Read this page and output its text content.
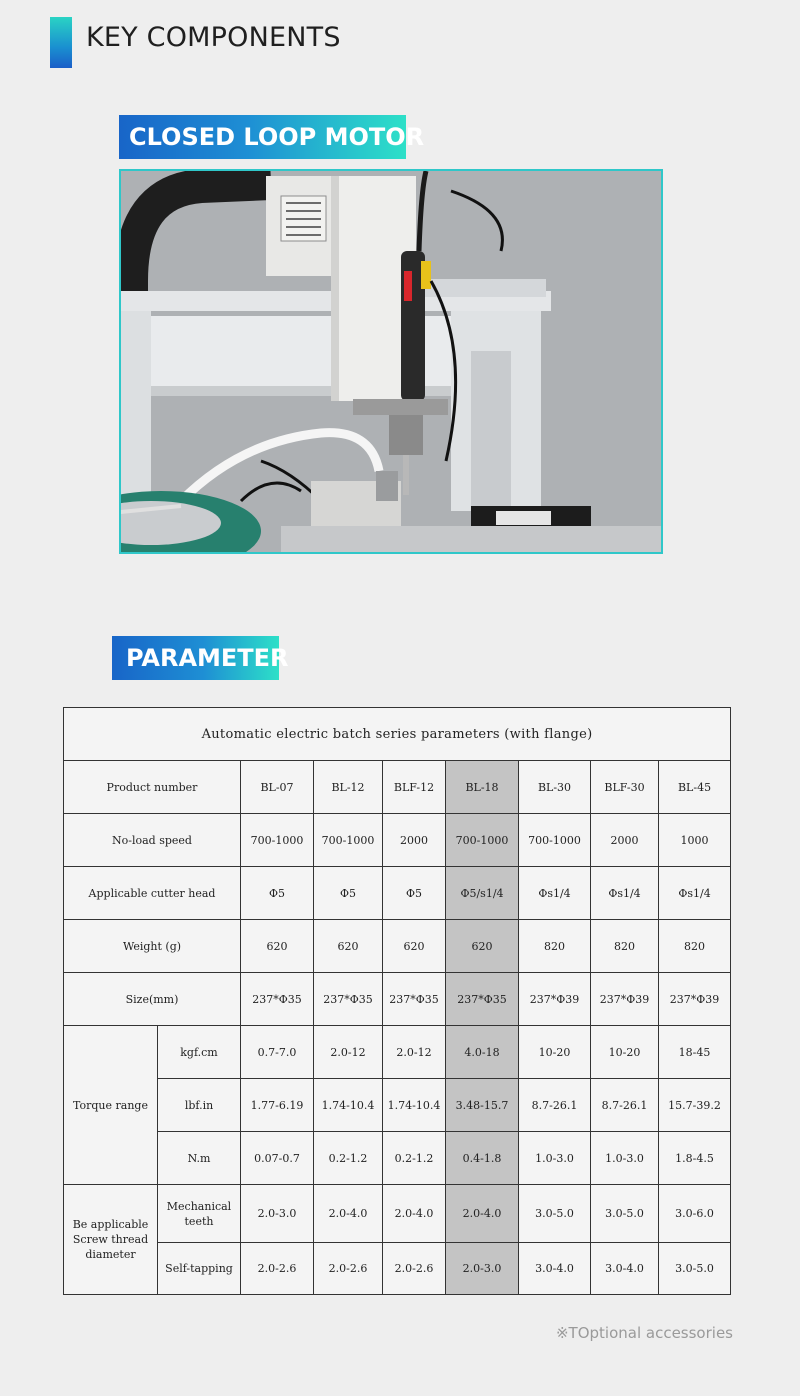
KEY COMPONENTS
CLOSED LOOP MOTOR
PARAMETER
Automatic electric batch series parameters (with flange)								
Product number		BL-07	BL-12	BLF-12	BL-18	BL-30	BLF-30	BL-45
No-load speed		700-1000	700-1000	2000	700-1000	700-1000	2000	1000
Applicable cutter head		Φ5	Φ5	Φ5	Φ5/s1/4	Φs1/4	Φs1/4	Φs1/4
Weight (g)		620	620	620	620	820	820	820
Size(mm)		237*Φ35	237*Φ35	237*Φ35	237*Φ35	237*Φ39	237*Φ39	237*Φ39
Torque range	kgf.cm	0.7-7.0	2.0-12	2.0-12	4.0-18	10-20	10-20	18-45
	lbf.in	1.77-6.19	1.74-10.4	1.74-10.4	3.48-15.7	8.7-26.1	8.7-26.1	15.7-39.2
	N.m	0.07-0.7	0.2-1.2	0.2-1.2	0.4-1.8	1.0-3.0	1.0-3.0	1.8-4.5
Be applicable Screw thread diameter	Mechanical teeth	2.0-3.0	2.0-4.0	2.0-4.0	2.0-4.0	3.0-5.0	3.0-5.0	3.0-6.0
	Self-tapping	2.0-2.6	2.0-2.6	2.0-2.6	2.0-3.0	3.0-4.0	3.0-4.0	3.0-5.0
※TOptional accessories
